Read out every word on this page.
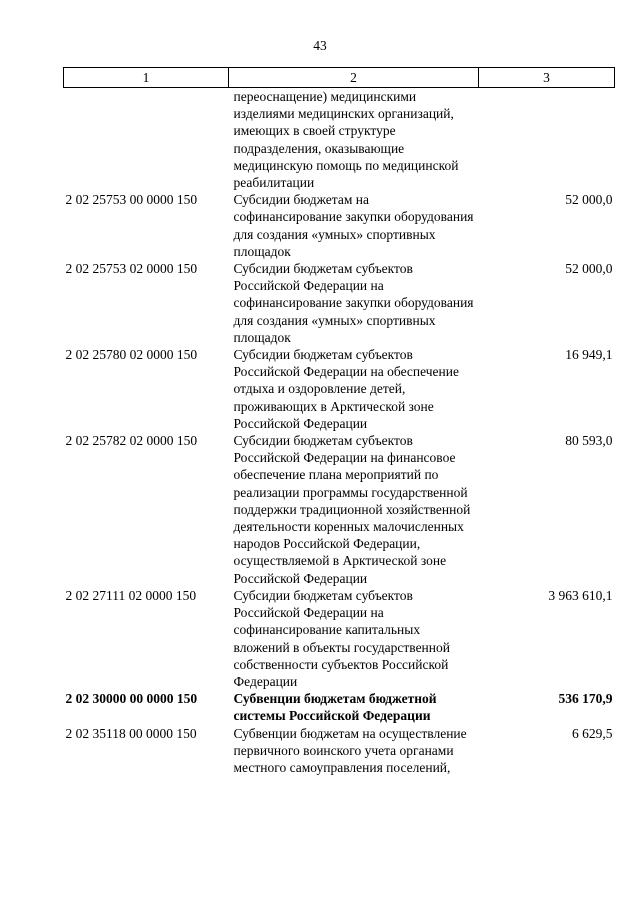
43
1	2	3
	переоснащение) медицинскими изделиями медицинских организаций, имеющих в своей структуре подразделения, оказывающие медицинскую помощь по медицинской реабилитации	
2 02 25753 00 0000 150	Субсидии бюджетам на софинансирование закупки оборудования для создания «умных» спортивных площадок	52 000,0
2 02 25753 02 0000 150	Субсидии бюджетам субъектов Российской Федерации на софинансирование закупки оборудования для создания «умных» спортивных площадок	52 000,0
2 02 25780 02 0000 150	Субсидии бюджетам субъектов Российской Федерации на обеспечение отдыха и оздоровление детей, проживающих в Арктической зоне Российской Федерации	16 949,1
2 02 25782 02 0000 150	Субсидии бюджетам субъектов Российской Федерации на финансовое обеспечение плана мероприятий по реализации программы государственной поддержки традиционной хозяйственной деятельности коренных малочисленных народов Российской Федерации, осуществляемой в Арктической зоне Российской Федерации	80 593,0
2 02 27111 02 0000 150	Субсидии бюджетам субъектов Российской Федерации на софинансирование капитальных вложений в объекты государственной собственности субъектов Российской Федерации	3 963 610,1
2 02 30000 00 0000 150	Субвенции бюджетам бюджетной системы Российской Федерации	536 170,9
2 02 35118 00 0000 150	Субвенции бюджетам на осуществление первичного воинского учета органами местного самоуправления поселений,	6 629,5
